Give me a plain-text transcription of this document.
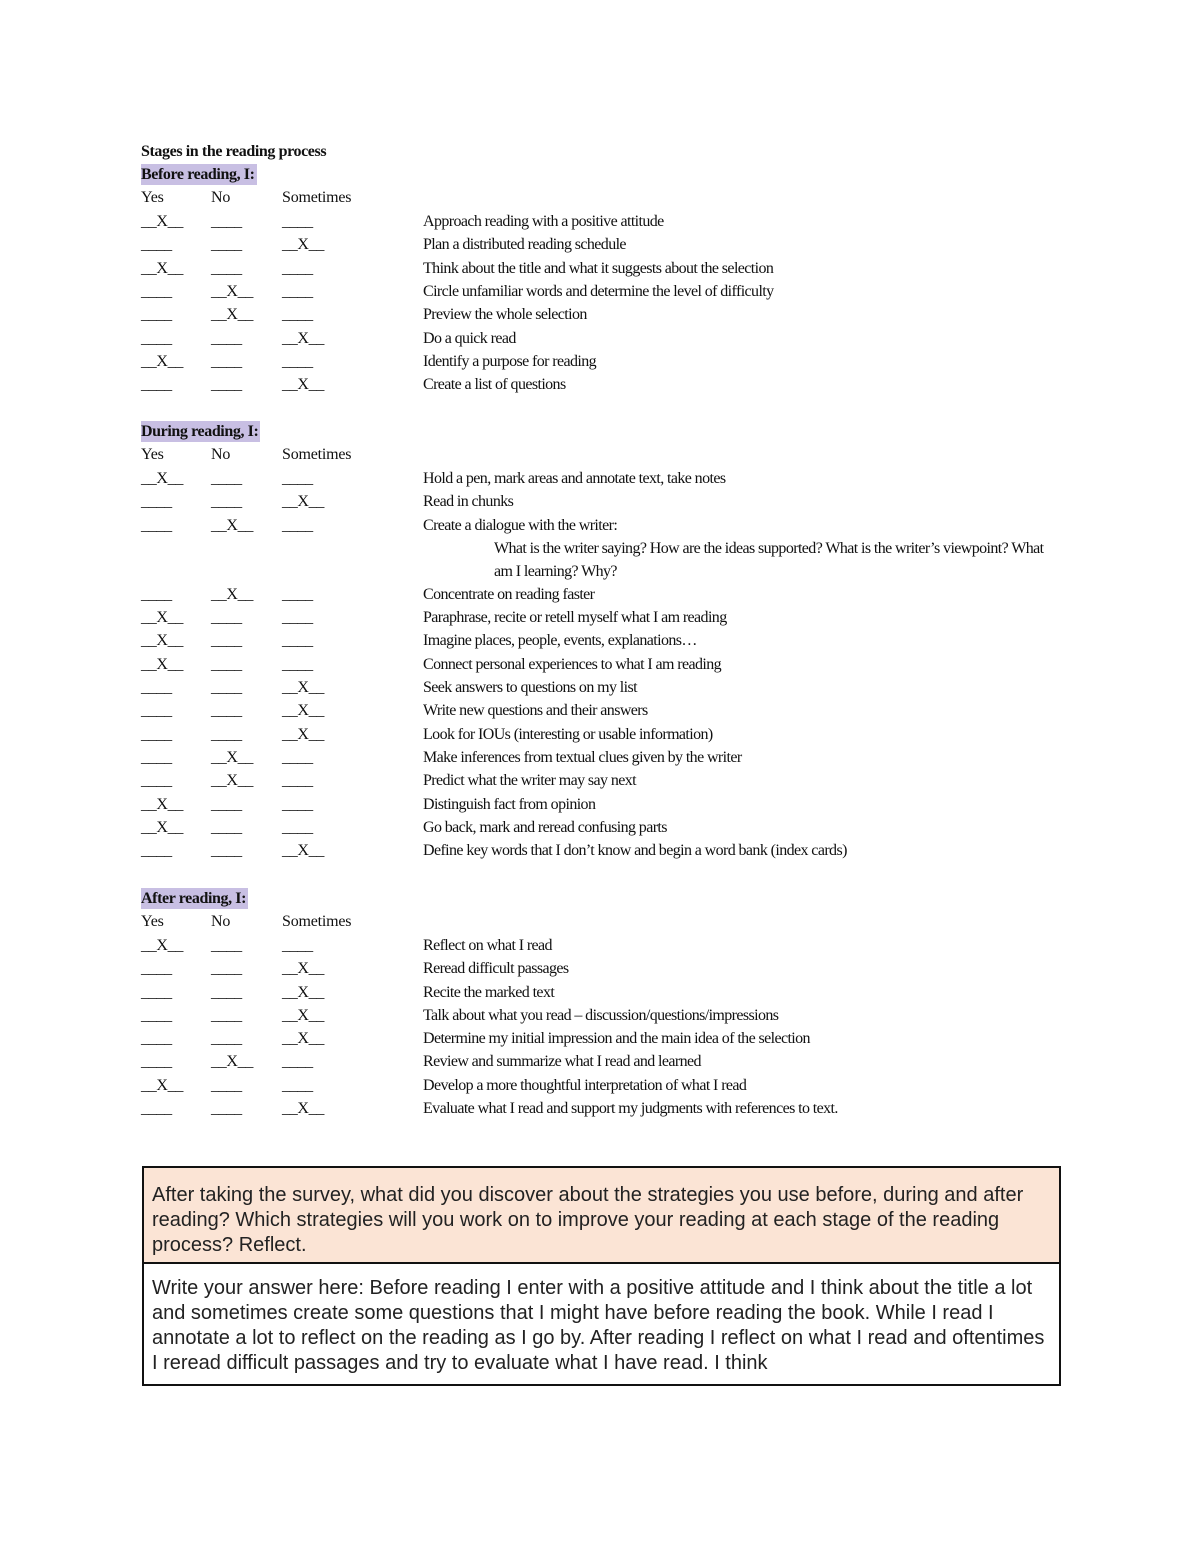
Stages in the reading process
Before reading, I:
Yes	No	Sometimes
__X__ ____	____	Approach reading with a positive attitude
____ ____	__X__	Plan a distributed reading schedule
__X__ ____	____	Think about the title and what it suggests about the selection
____ __X__ ____	Circle unfamiliar words and determine the level of difficulty
____ __X__ ____	Preview the whole selection
____ ____	__X__	Do a quick read
__X__ ____	____	Identify a purpose for reading
____ ____	__X__	Create a list of questions
During reading, I:
Yes	No	Sometimes
__X__ ____	____	Hold a pen, mark areas and annotate text, take notes
____ ____	__X__	Read in chunks
____ __X__ ____	Create a dialogue with the writer:
What is the writer saying? How are the ideas supported? What is the writer’s viewpoint? What am I learning? Why?
____ __X__ ____	Concentrate on reading faster
__X__ ____	____	Paraphrase, recite or retell myself what I am reading
__X__ ____	____	Imagine places, people, events, explanations…
__X__ ____	____	Connect personal experiences to what I am reading
____ ____	__X__	Seek answers to questions on my list
____ ____	__X__	Write new questions and their answers
____ ____	__X__	Look for IOUs (interesting or usable information)
____ __X__ ____	Make inferences from textual clues given by the writer
____ __X__ ____	Predict what the writer may say next
__X__ ____	____	Distinguish fact from opinion
__X__ ____	____	Go back, mark and reread confusing parts
____ ____	__X__	Define key words that I don’t know and begin a word bank (index cards)
After reading, I:
Yes	No	Sometimes
__X__ ____	____	Reflect on what I read
____ ____	__X__	Reread difficult passages
____ ____	__X__	Recite the marked text
____ ____	__X__	Talk about what you read – discussion/questions/impressions
____ ____	__X__	Determine my initial impression and the main idea of the selection
____ __X__ ____	Review and summarize what I read and learned
__X__ ____	____	Develop a more thoughtful interpretation of what I read
____ ____	__X__	Evaluate what I read and support my judgments with references to text.
After taking the survey, what did you discover about the strategies you use before, during and after reading? Which strategies will you work on to improve your reading at each stage of the reading process? Reflect.
Write your answer here: Before reading I enter with a positive attitude and I think about the title a lot and sometimes create some questions that I might have before reading the book. While I read I annotate a lot to reflect on the reading as I go by. After reading I reflect on what I read and oftentimes I reread difficult passages and try to evaluate what I have read. I think
